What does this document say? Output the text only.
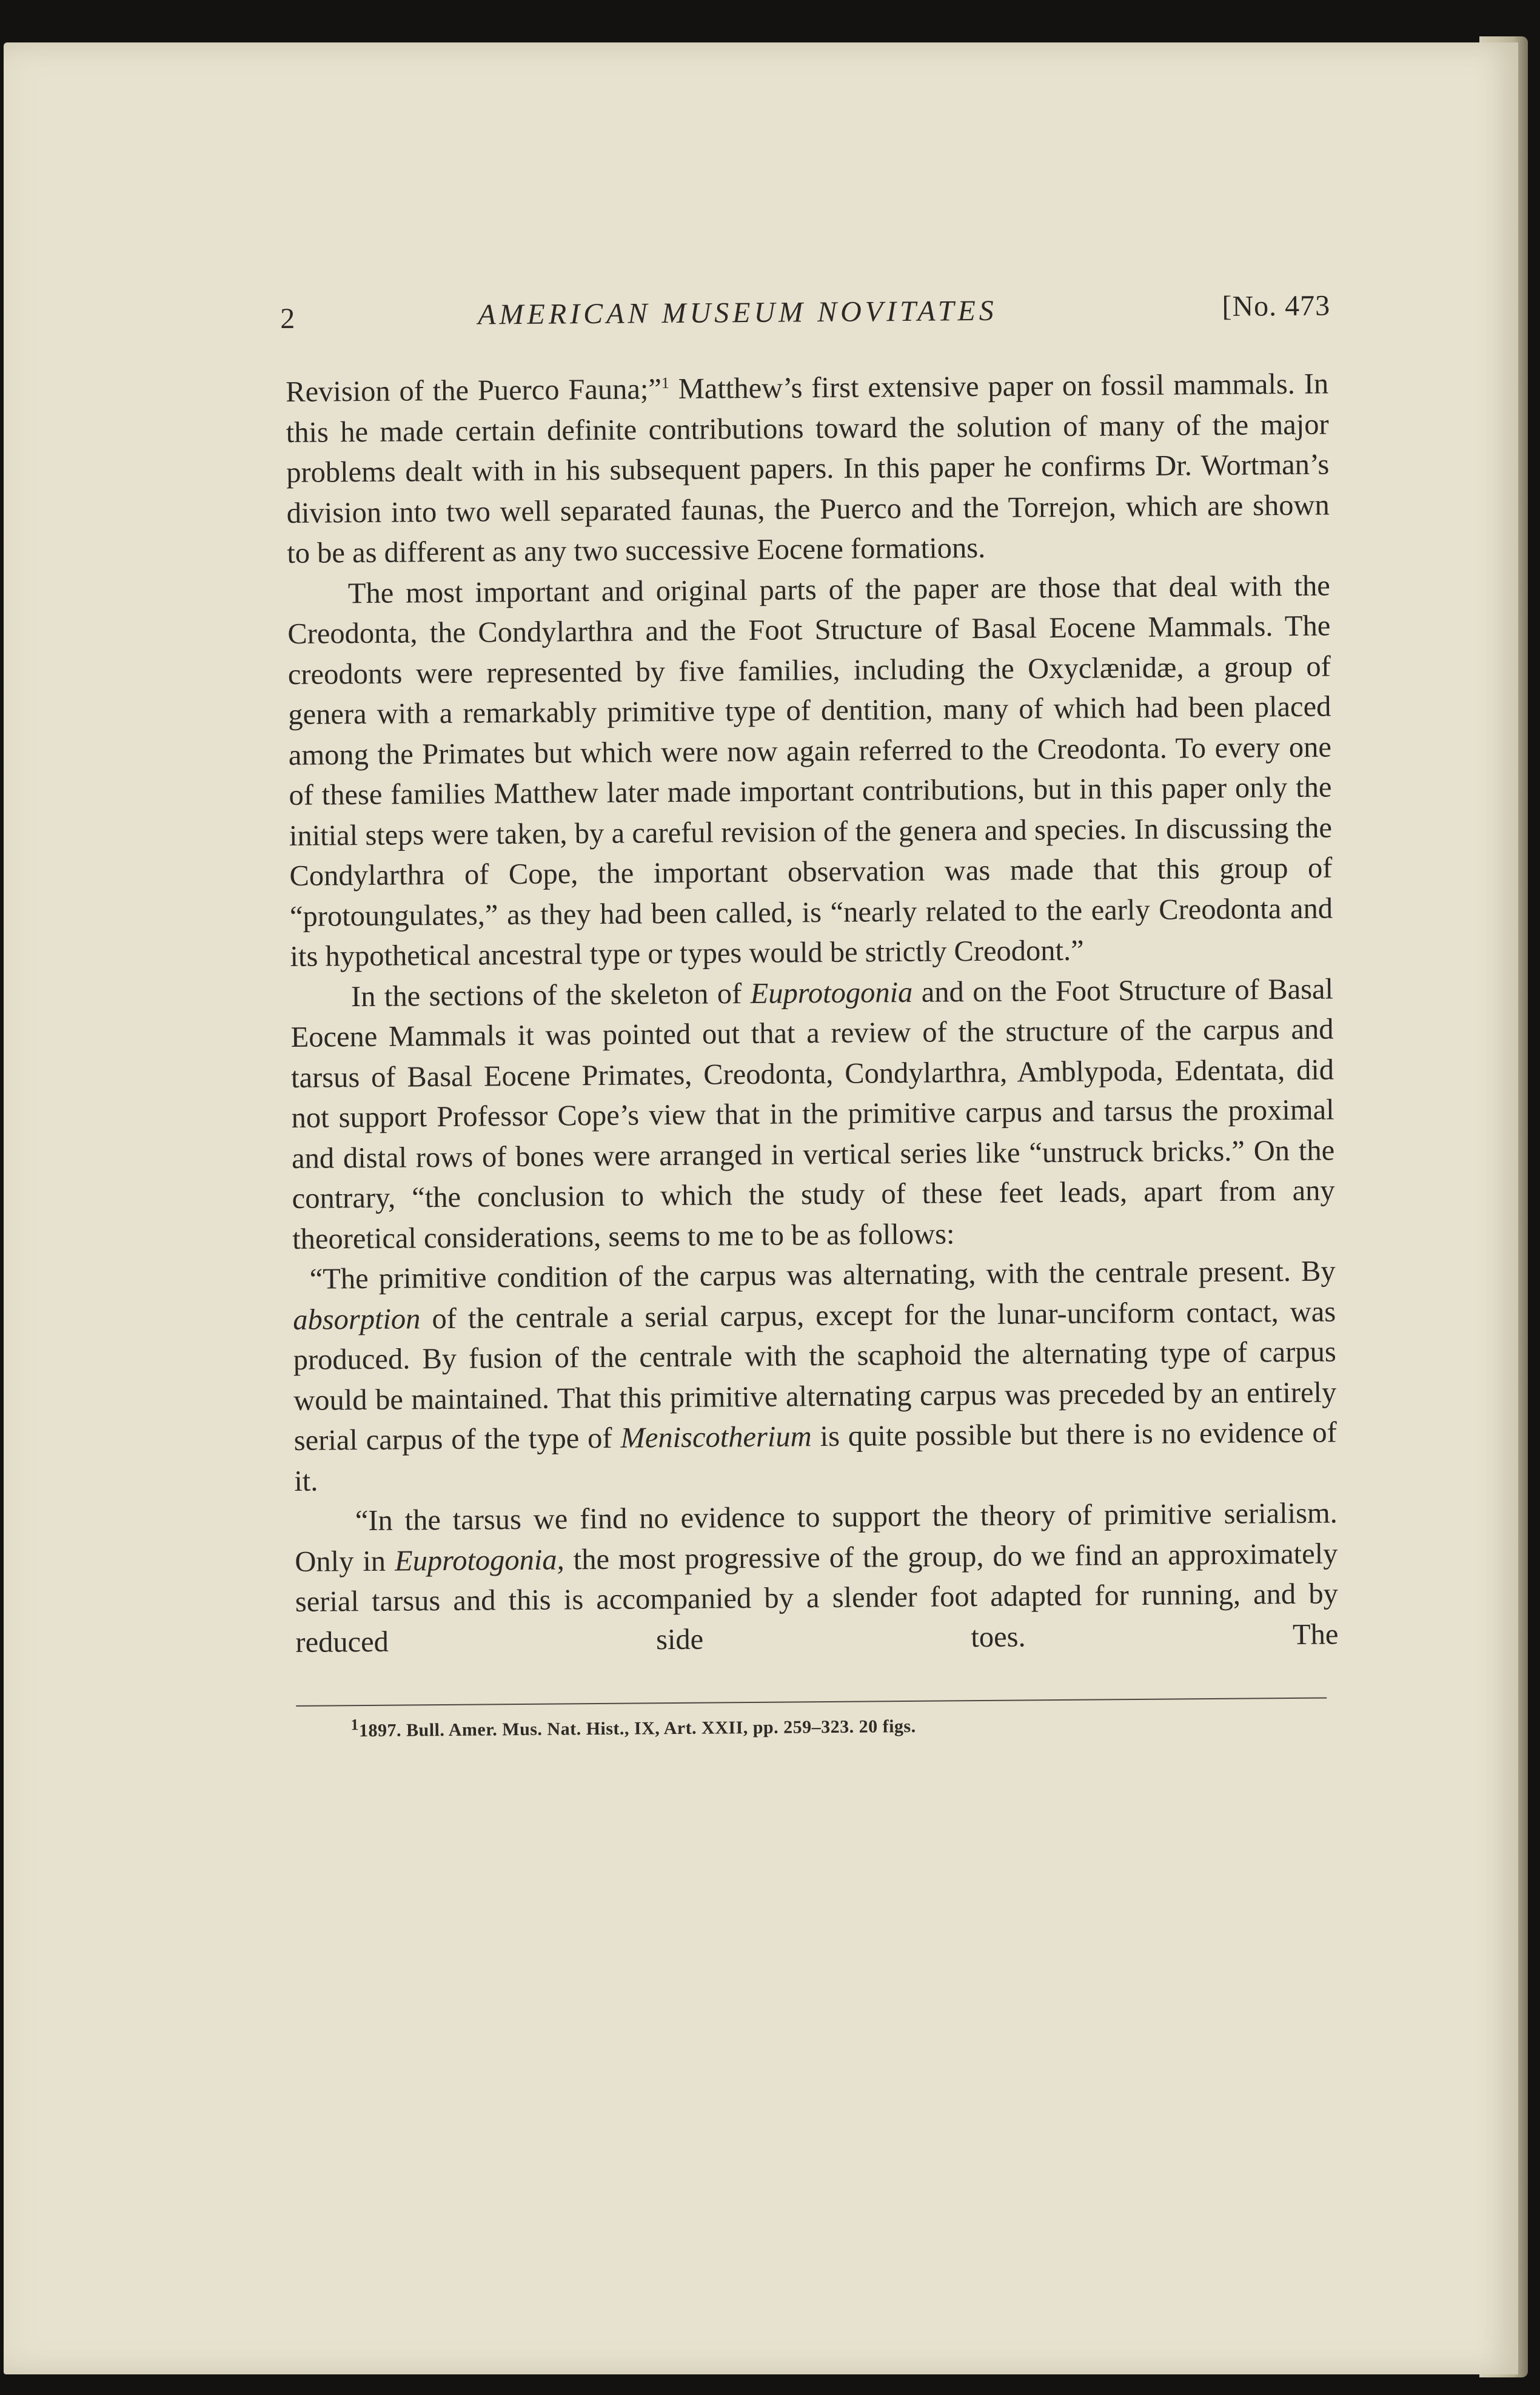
2	AMERICAN MUSEUM NOVITATES	[No. 473

Revision of the Puerco Fauna;”$^1$ Matthew’s first extensive paper on fossil mammals. In this he made certain definite contributions toward the solution of many of the major problems dealt with in his subsequent papers. In this paper he confirms Dr. Wortman’s division into two well separated faunas, the Puerco and the Torrejon, which are shown to be as different as any two successive Eocene formations.

The most important and original parts of the paper are those that deal with the Creodonta, the Condylarthra and the Foot Structure of Basal Eocene Mammals. The creodonts were represented by five families, including the Oxyclænidæ, a group of genera with a remarkably primitive type of dentition, many of which had been placed among the Primates but which were now again referred to the Creodonta. To every one of these families Matthew later made important contributions, but in this paper only the initial steps were taken, by a careful revision of the genera and species. In discussing the Condylarthra of Cope, the important observation was made that this group of “protoungulates,” as they had been called, is “nearly related to the early Creodonta and its hypothetical ancestral type or types would be strictly Creodont.”

In the sections of the skeleton of Euprotogonia and on the Foot Structure of Basal Eocene Mammals it was pointed out that a review of the structure of the carpus and tarsus of Basal Eocene Primates, Creodonta, Condylarthra, Amblypoda, Edentata, did not support Professor Cope’s view that in the primitive carpus and tarsus the proximal and distal rows of bones were arranged in vertical series like “unstruck bricks.” On the contrary, “the conclusion to which the study of these feet leads, apart from any theoretical considerations, seems to me to be as follows:

“The primitive condition of the carpus was alternating, with the centrale present. By absorption of the centrale a serial carpus, except for the lunar-unciform contact, was produced. By fusion of the centrale with the scaphoid the alternating type of carpus would be maintained. That this primitive alternating carpus was preceded by an entirely serial carpus of the type of Meniscotherium is quite possible but there is no evidence of it.

“In the tarsus we find no evidence to support the theory of primitive serialism. Only in Euprotogonia, the most progressive of the group, do we find an approximately serial tarsus and this is accompanied by a slender foot adapted for running, and by reduced side toes. The

$^1$1897. Bull. Amer. Mus. Nat. Hist., IX, Art. XXII, pp. 259–323. 20 figs.
